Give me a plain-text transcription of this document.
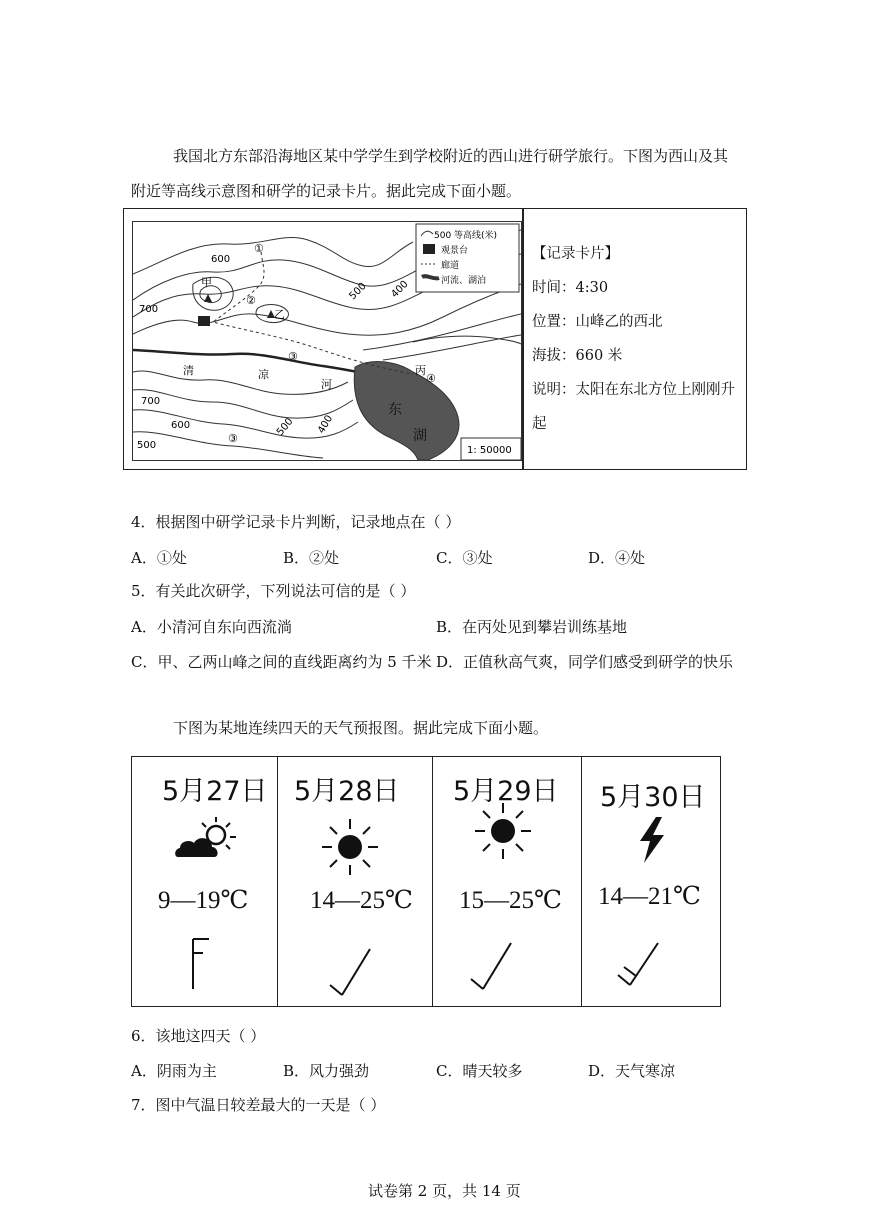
我国北方东部沿海地区某中学学生到学校附近的西山进行研学旅行。下图为西山及其
附近等高线示意图和研学的记录卡片。据此完成下面小题。
500 等高线(米)
观景台
廊道
河流、湖泊
600
700
500 400
700
600
500
500 400
甲
乙
①
②
③
④
③
丙
清	凉
河
东
湖
1: 50000
【记录卡片】
时间：4:30
位置：山峰乙的西北
海拔：660 米
说明：太阳在东北方位上刚刚升起
4．根据图中研学记录卡片判断，记录地点在（ ）
A．①处	B．②处	C．③处	D．④处
5．有关此次研学，下列说法可信的是（ ）
A．小清河自东向西流淌	B．在丙处见到攀岩训练基地
C．甲、乙两山峰之间的直线距离约为 5 千米 D．正值秋高气爽，同学们感受到研学的快乐
下图为某地连续四天的天气预报图。据此完成下面小题。
5月27日
9—19℃
5月28日
14—25℃
5月29日
15—25℃
5月30日
14—21℃
6．该地这四天（ ）
A．阴雨为主	B．风力强劲	C．晴天较多	D．天气寒凉
7．图中气温日较差最大的一天是（ ）
试卷第 2 页，共 14 页
